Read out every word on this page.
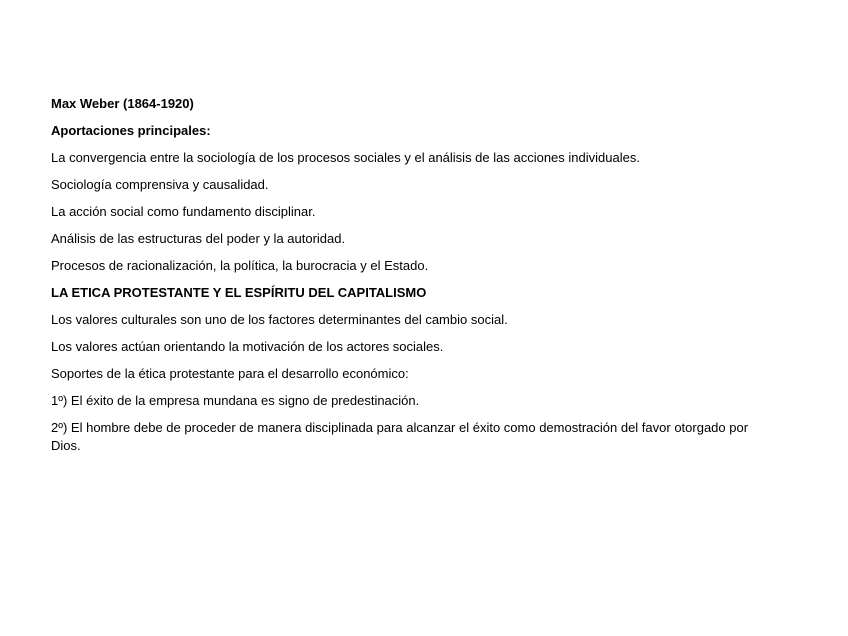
Max Weber (1864-1920)

Aportaciones principales:

La convergencia entre la sociología de los procesos sociales y el análisis de las acciones individuales.

Sociología comprensiva y causalidad.

La acción social como fundamento disciplinar.

Análisis de las estructuras del poder y la autoridad.

Procesos de racionalización, la política, la burocracia y el Estado.

LA ETICA PROTESTANTE Y EL ESPÍRITU DEL CAPITALISMO

Los valores culturales son uno de los factores determinantes del cambio social.

Los valores actúan orientando la motivación de los actores sociales.

Soportes de la ética protestante para el desarrollo económico:

1º) El éxito de la empresa mundana es signo de predestinación.

2º) El hombre debe de proceder de manera disciplinada para alcanzar el éxito como demostración del favor otorgado por Dios.
